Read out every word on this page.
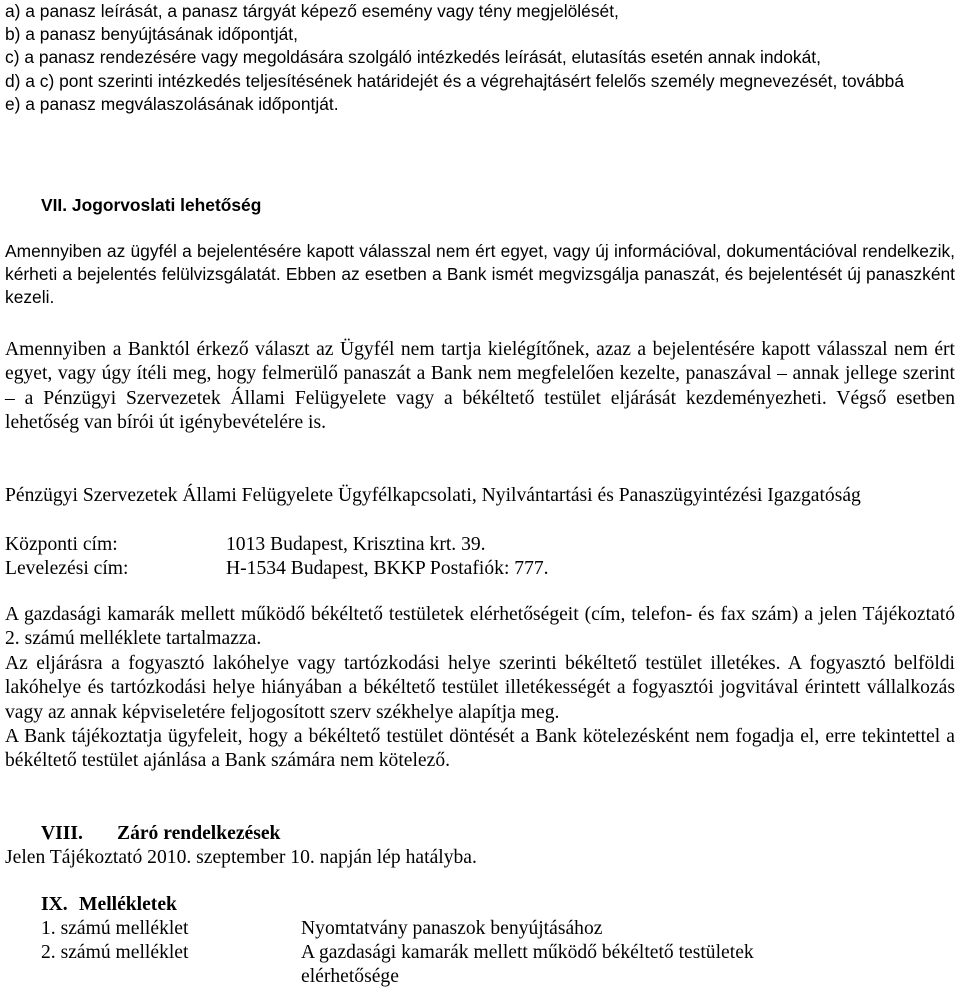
a) a panasz leírását, a panasz tárgyát képező esemény vagy tény megjelölését,
b) a panasz benyújtásának időpontját,
c) a panasz rendezésére vagy megoldására szolgáló intézkedés leírását, elutasítás esetén annak indokát,
d) a c) pont szerinti intézkedés teljesítésének határidejét és a végrehajtásért felelős személy megnevezését, továbbá
e) a panasz megválaszolásának időpontját.
VII. Jogorvoslati lehetőség
Amennyiben az ügyfél a bejelentésére kapott válasszal nem ért egyet, vagy új információval, dokumentációval rendelkezik, kérheti a bejelentés felülvizsgálatát. Ebben az esetben a Bank ismét megvizsgálja panaszát, és bejelentését új panaszként kezeli.
Amennyiben a Banktól érkező választ az Ügyfél nem tartja kielégítőnek, azaz a bejelentésére kapott válasszal nem ért egyet, vagy úgy ítéli meg, hogy felmerülő panaszát a Bank nem megfelelően kezelte, panaszával – annak jellege szerint – a Pénzügyi Szervezetek Állami Felügyelete vagy a békéltető testület eljárását kezdeményezheti. Végső esetben lehetőség van bírói út igénybevételére is.
Pénzügyi Szervezetek Állami Felügyelete Ügyfélkapcsolati, Nyilvántartási és Panaszügyintézési Igazgatóság
Központi cím:	1013 Budapest, Krisztina krt. 39.
Levelezési cím:	H-1534 Budapest, BKKP Postafiók: 777.
A gazdasági kamarák mellett működő békéltető testületek elérhetőségeit (cím, telefon- és fax szám) a jelen Tájékoztató 2. számú melléklete tartalmazza.
Az eljárásra a fogyasztó lakóhelye vagy tartózkodási helye szerinti békéltető testület illetékes. A fogyasztó belföldi lakóhelye és tartózkodási helye hiányában a békéltető testület illetékességét a fogyasztói jogvitával érintett vállalkozás vagy az annak képviseletére feljogosított szerv székhelye alapítja meg.
A Bank tájékoztatja ügyfeleit, hogy a békéltető testület döntését a Bank kötelezésként nem fogadja el, erre tekintettel a békéltető testület ajánlása a Bank számára nem kötelező.
VIII. Záró rendelkezések
Jelen Tájékoztató 2010. szeptember 10. napján lép hatályba.
IX. Mellékletek
1. számú melléklet	Nyomtatvány panaszok benyújtásához
2. számú melléklet	A gazdasági kamarák mellett működő békéltető testületek
elérhetősége
